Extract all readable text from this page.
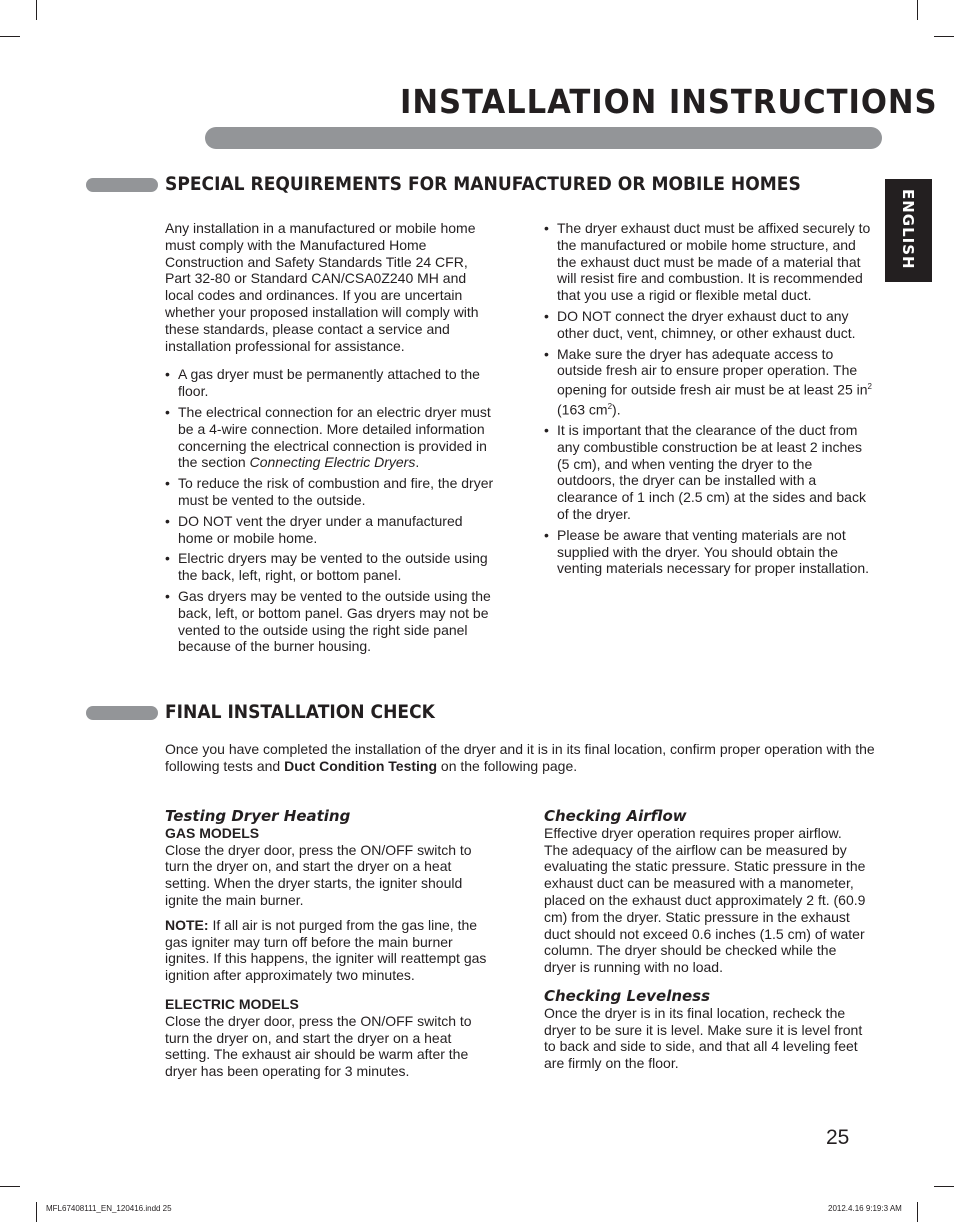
INSTALLATION INSTRUCTIONS
ENGLISH
SPECIAL REQUIREMENTS FOR MANUFACTURED OR MOBILE HOMES

Any installation in a manufactured or mobile home must comply with the Manufactured Home Construction and Safety Standards Title 24 CFR, Part 32-80 or Standard CAN/CSA0Z240 MH and local codes and ordinances. If you are uncertain whether your proposed installation will comply with these standards, please contact a service and installation professional for assistance.

• A gas dryer must be permanently attached to the floor.
• The electrical connection for an electric dryer must be a 4-wire connection. More detailed information concerning the electrical connection is provided in the section Connecting Electric Dryers.
• To reduce the risk of combustion and fire, the dryer must be vented to the outside.
• DO NOT vent the dryer under a manufactured home or mobile home.
• Electric dryers may be vented to the outside using the back, left, right, or bottom panel.
• Gas dryers may be vented to the outside using the back, left, or bottom panel. Gas dryers may not be vented to the outside using the right side panel because of the burner housing.
• The dryer exhaust duct must be affixed securely to the manufactured or mobile home structure, and the exhaust duct must be made of a material that will resist fire and combustion. It is recommended that you use a rigid or flexible metal duct.
• DO NOT connect the dryer exhaust duct to any other duct, vent, chimney, or other exhaust duct.
• Make sure the dryer has adequate access to outside fresh air to ensure proper operation. The opening for outside fresh air must be at least 25 $in^2$ (163 $cm^2$).
• It is important that the clearance of the duct from any combustible construction be at least 2 inches (5 cm), and when venting the dryer to the outdoors, the dryer can be installed with a clearance of 1 inch (2.5 cm) at the sides and back of the dryer.
• Please be aware that venting materials are not supplied with the dryer. You should obtain the venting materials necessary for proper installation.
FINAL INSTALLATION CHECK

Once you have completed the installation of the dryer and it is in its final location, confirm proper operation with the following tests and Duct Condition Testing on the following page.

Testing Dryer Heating

GAS MODELS

Close the dryer door, press the ON/OFF switch to turn the dryer on, and start the dryer on a heat setting. When the dryer starts, the igniter should ignite the main burner.

NOTE: If all air is not purged from the gas line, the gas igniter may turn off before the main burner ignites. If this happens, the igniter will reattempt gas ignition after approximately two minutes.

ELECTRIC MODELS

Close the dryer door, press the ON/OFF switch to turn the dryer on, and start the dryer on a heat setting. The exhaust air should be warm after the dryer has been operating for 3 minutes.

Checking Airflow

Effective dryer operation requires proper airflow. The adequacy of the airflow can be measured by evaluating the static pressure. Static pressure in the exhaust duct can be measured with a manometer, placed on the exhaust duct approximately 2 ft. (60.9 cm) from the dryer. Static pressure in the exhaust duct should not exceed 0.6 inches (1.5 cm) of water column. The dryer should be checked while the dryer is running with no load.

Checking Levelness

Once the dryer is in its final location, recheck the dryer to be sure it is level. Make sure it is level front to back and side to side, and that all 4 leveling feet are firmly on the floor.

25
MFL67408111_EN_120416.indd 25	2012.4.16 9:19:3 AM
